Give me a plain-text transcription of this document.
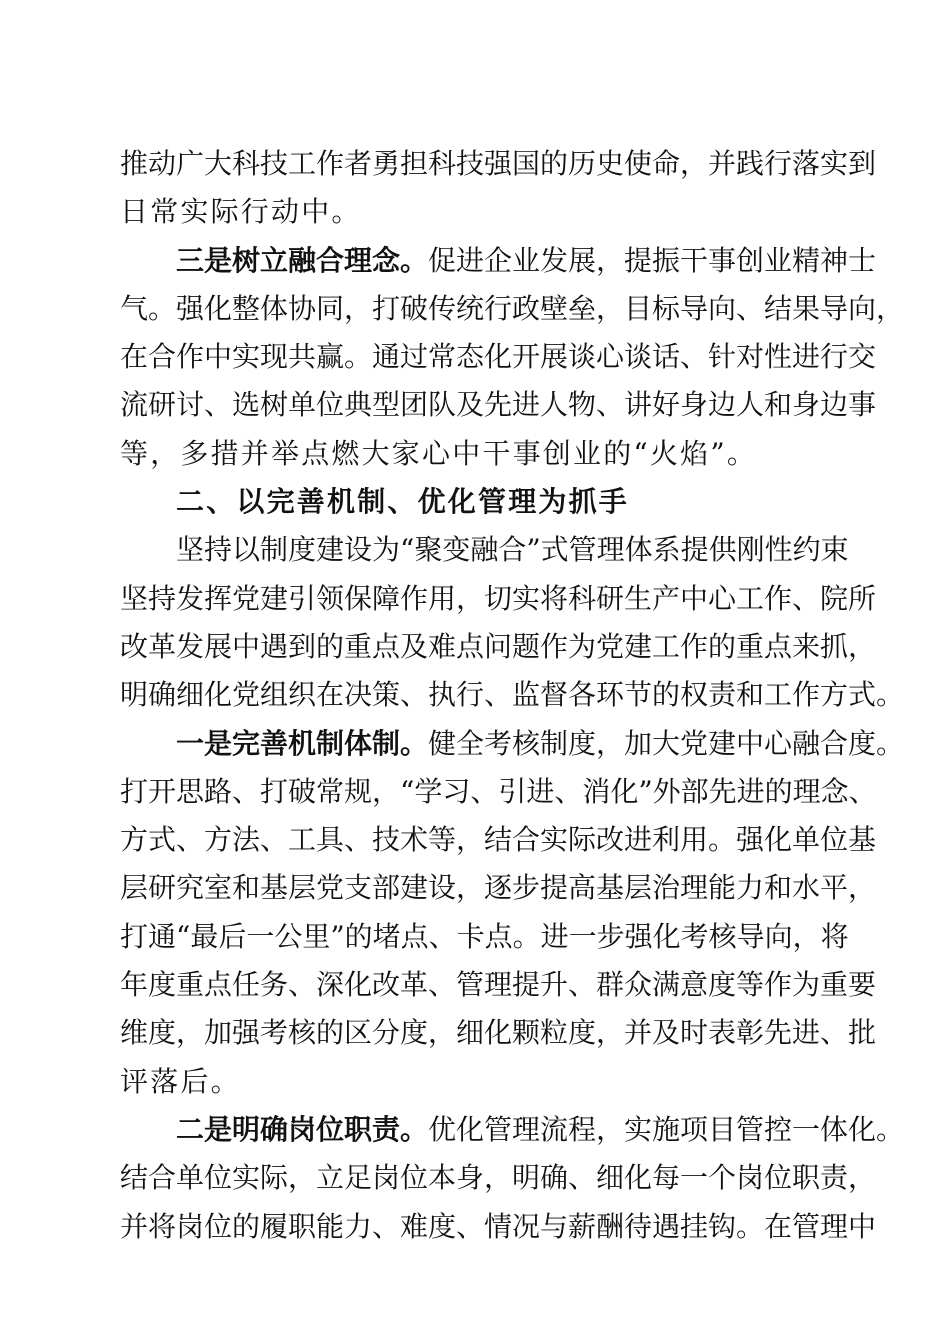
推动广大科技工作者勇担科技强国的历史使命，并践行落实到
日常实际行动中。
三是树立融合理念。促进企业发展，提振干事创业精神士
气。强化整体协同，打破传统行政壁垒，目标导向、结果导向，
在合作中实现共赢。通过常态化开展谈心谈话、针对性进行交
流研讨、选树单位典型团队及先进人物、讲好身边人和身边事
等，多措并举点燃大家心中干事创业的“火焰”。
二、以完善机制、优化管理为抓手
坚持以制度建设为“聚变融合”式管理体系提供刚性约束
坚持发挥党建引领保障作用，切实将科研生产中心工作、院所
改革发展中遇到的重点及难点问题作为党建工作的重点来抓，
明确细化党组织在决策、执行、监督各环节的权责和工作方式。
一是完善机制体制。健全考核制度，加大党建中心融合度。
打开思路、打破常规，“学习、引进、消化”外部先进的理念、
方式、方法、工具、技术等，结合实际改进利用。强化单位基
层研究室和基层党支部建设，逐步提高基层治理能力和水平，
打通“最后一公里”的堵点、卡点。进一步强化考核导向，将
年度重点任务、深化改革、管理提升、群众满意度等作为重要
维度，加强考核的区分度，细化颗粒度，并及时表彰先进、批
评落后。
二是明确岗位职责。优化管理流程，实施项目管控一体化。
结合单位实际，立足岗位本身，明确、细化每一个岗位职责，
并将岗位的履职能力、难度、情况与薪酬待遇挂钩。在管理中
